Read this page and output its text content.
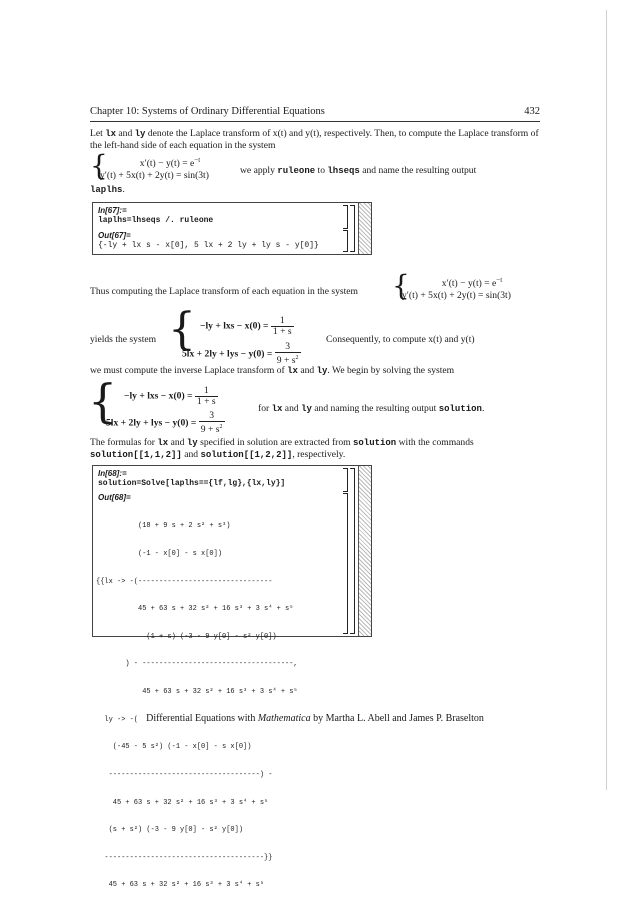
Chapter 10: Systems of Ordinary Differential Equations	432
Let lx and ly denote the Laplace transform of x(t) and y(t), respectively. Then, to compute the Laplace transform of the left-hand side of each equation in the system
{	$x'(t) - y(t) = e^{-t}$
y′(t) + 5x(t) + 2y(t) = sin(3t)	we apply ruleone to lhseqs and name the resulting output
laplhs.
In[67]:=
laplhs=lhseqs /. ruleone
Out[67]=
{-ly + lx s - x[0], 5 lx + 2 ly + ly s - y[0]}
Thus computing the Laplace transform of each equation in the system {	$x'(t) - y(t) = e^{-t}$
y′(t) + 5x(t) + 2y(t) = sin(3t)
yields the system { −ly + lxs − $x(0) = \frac{1}{1 + s}$
5lx + 2ly + lys − $y(0) = \frac{3}{9 + s^2}$
Consequently, to compute x(t) and y(t)
we must compute the inverse Laplace transform of lx and ly. We begin by solving the system
{ −ly + lxs − $x(0) = \frac{1}{1 + s}$
5lx + 2ly + lys − $y(0) = \frac{3}{9 + s^2}$
for lx and ly and naming the resulting output solution.
The formulas for lx and ly specified in solution are extracted from solution with the commands solution[[1,1,2]] and solution[[1,2,2]], respectively.
In[68]:=
solution=Solve[laplhs=={lf,lg},{lx,ly}]
Out[68]=

(18 + 9 s + 2 s² + s³)

(-1 - x[0] - s x[0])

{{lx -> -(--------------------------------

45 + 63 s + 32 s² + 16 s³ + 3 s⁴ + s⁵

(1 + s) (-3 - 9 y[0] - s² y[0])

) - ------------------------------------,

45 + 63 s + 32 s² + 16 s³ + 3 s⁴ + s⁵

ly -> -(

(-45 - 5 s²) (-1 - x[0] - s x[0])

------------------------------------) -

45 + 63 s + 32 s² + 16 s³ + 3 s⁴ + s⁵

(s + s²) (-3 - 9 y[0] - s² y[0])

--------------------------------------}}

45 + 63 s + 32 s² + 16 s³ + 3 s⁴ + s⁵

Differential Equations with Mathematica by Martha L. Abell and James P. Braselton
